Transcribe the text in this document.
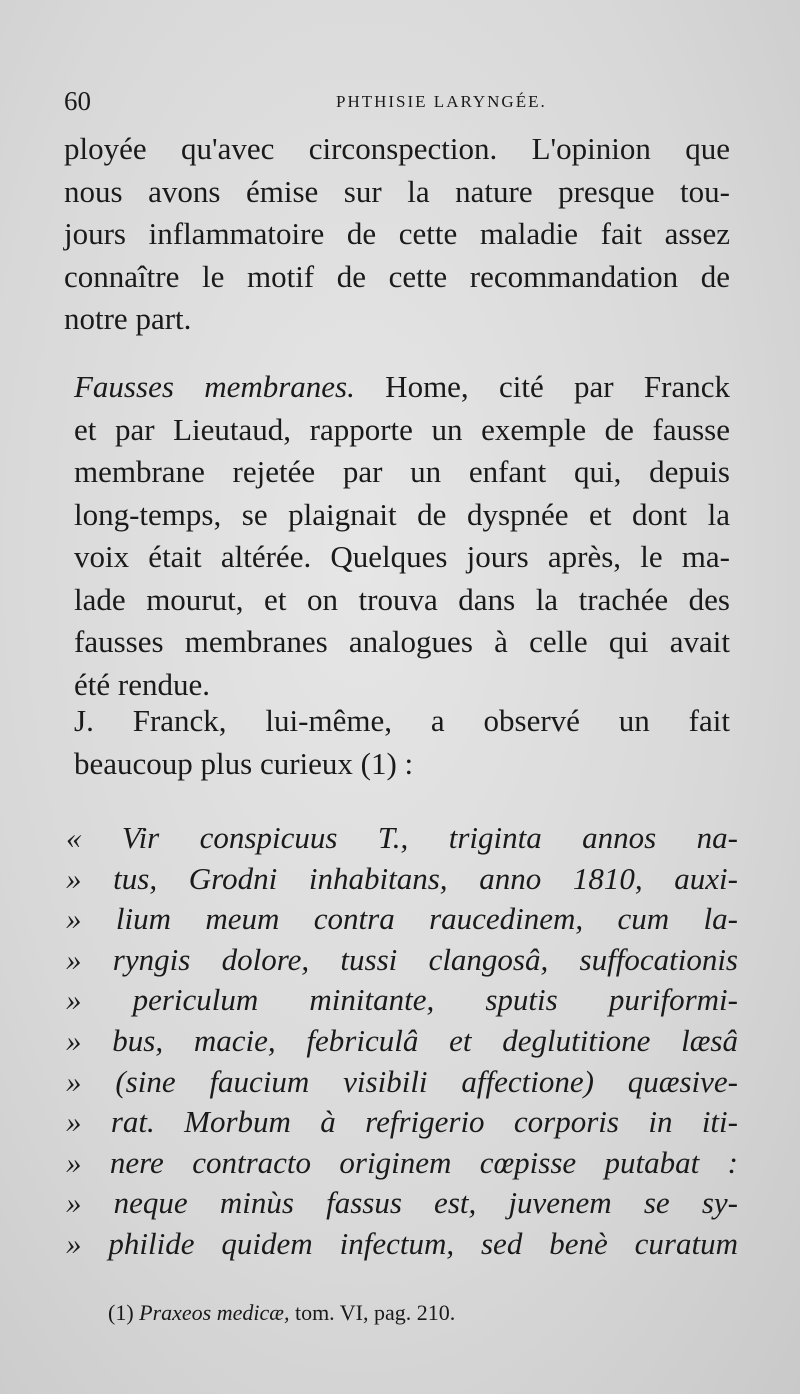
60	PHTHISIE LARYNGÉE.
ployée qu'avec circonspection. L'opinion que
nous avons émise sur la nature presque tou-
jours inflammatoire de cette maladie fait assez
connaître le motif de cette recommandation de
notre part.
Fausses membranes. Home, cité par Franck
et par Lieutaud, rapporte un exemple de fausse
membrane rejetée par un enfant qui, depuis
long-temps, se plaignait de dyspnée et dont la
voix était altérée. Quelques jours après, le ma-
lade mourut, et on trouva dans la trachée des
fausses membranes analogues à celle qui avait
été rendue.
J. Franck, lui-même, a observé un fait
beaucoup plus curieux (1) :
« Vir conspicuus T., triginta annos na-
» tus, Grodni inhabitans, anno 1810, auxi-
» lium meum contra raucedinem, cum la-
» ryngis dolore, tussi clangosâ, suffocationis
» periculum minitante, sputis puriformi-
» bus, macie, febriculâ et deglutitione læsâ
» (sine faucium visibili affectione) quæsive-
» rat. Morbum à refrigerio corporis in iti-
» nere contracto originem cœpisse putabat :
» neque minùs fassus est, juvenem se sy-
» philide quidem infectum, sed benè curatum
(1) Praxeos medicæ, tom. VI, pag. 210.
